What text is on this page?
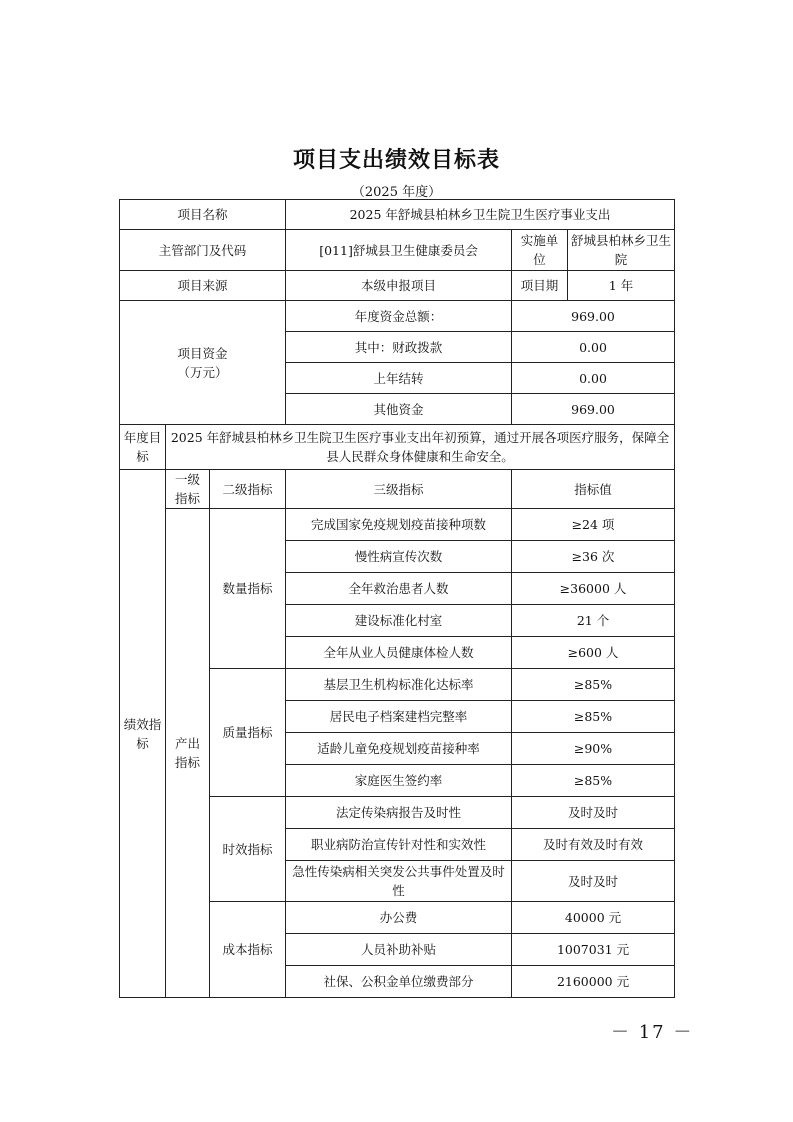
项目支出绩效目标表
（2025 年度）
项目名称			2025 年舒城县柏林乡卫生院卫生医疗事业支出		
主管部门及代码			[011]舒城县卫生健康委员会	实施单位	舒城县柏林乡卫生院
项目来源			本级申报项目	项目期	1 年

项目资金
（万元）			年度资金总额：	969.00	
			其中：财政拨款	0.00	
			上年结转	0.00	
			其他资金	969.00	
年度目标	2025 年舒城县柏林乡卫生院卫生医疗事业支出年初预算，通过开展各项医疗服务，保障全县人民群众身体健康和生命安全。				
绩效指标	一级指标	二级指标	三级指标	指标值	
	产出指标	数量指标	完成国家免疫规划疫苗接种项数	≥24 项	
			慢性病宣传次数	≥36 次	
			全年救治患者人数	≥36000 人	
			建设标准化村室	21 个	
			全年从业人员健康体检人数	≥600 人	
		质量指标	基层卫生机构标准化达标率	≥85%	
			居民电子档案建档完整率	≥85%	
			适龄儿童免疫规划疫苗接种率	≥90%	
			家庭医生签约率	≥85%	
		时效指标	法定传染病报告及时性	及时及时	
			职业病防治宣传针对性和实效性	及时有效及时有效	
			急性传染病相关突发公共事件处置及时性	及时及时	
		成本指标	办公费	40000 元	
			人员补助补贴	1007031 元	
			社保、公积金单位缴费部分	2160000 元	
－ 17 －
